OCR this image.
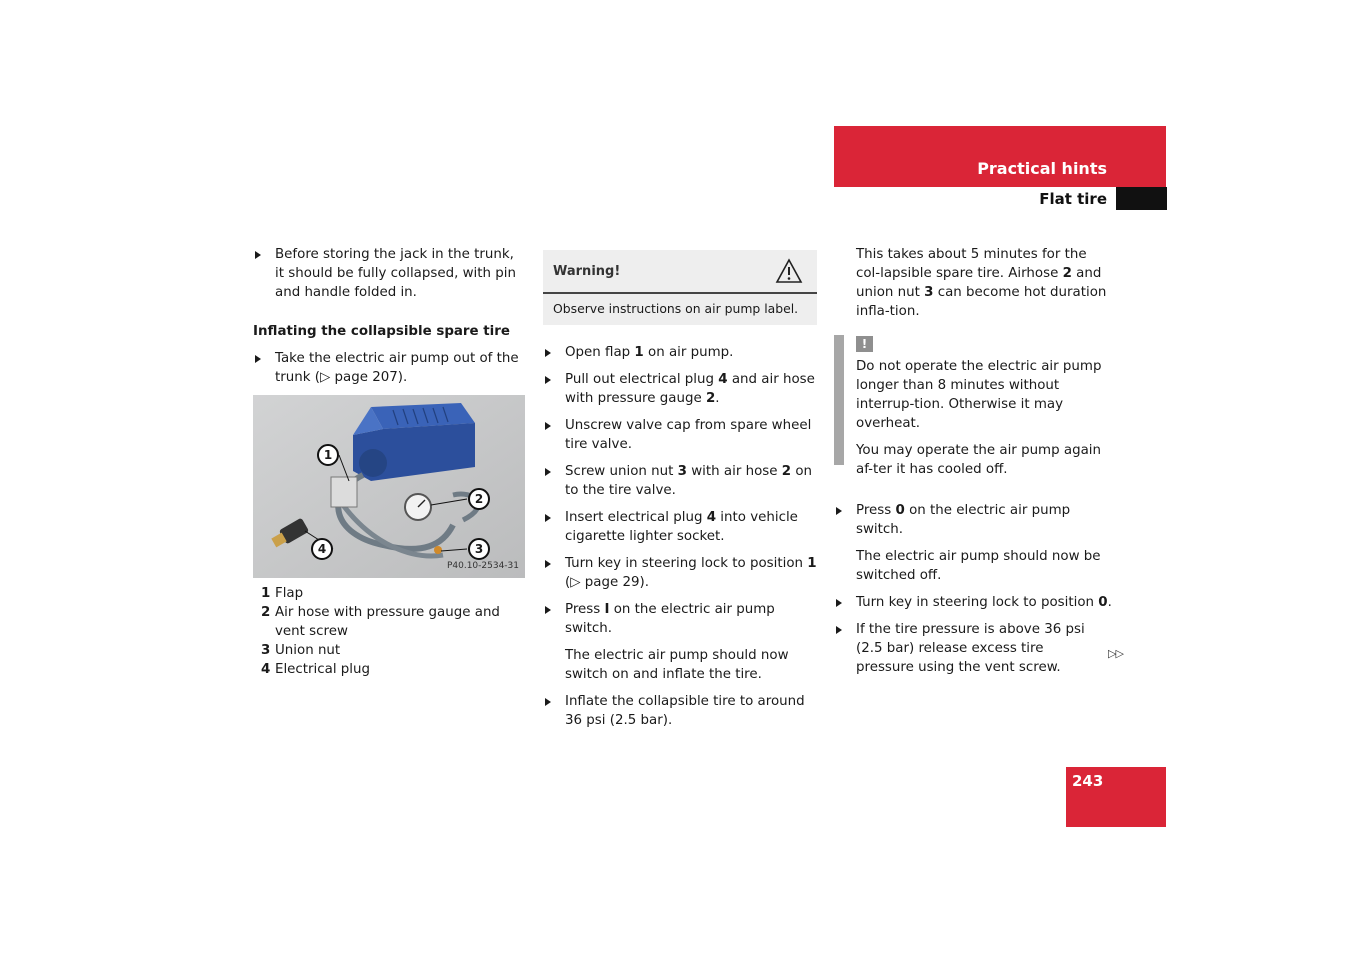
Practical hints
Flat tire
Before storing the jack in the trunk, it should be fully collapsed, with pin and handle folded in.
Inflating the collapsible spare tire
Take the electric air pump out of the trunk (▷ page 207).
1
2
3
4
P40.10-2534-31
1 Flap
2 Air hose with pressure gauge and vent screw
3 Union nut
4 Electrical plug
Warning!
Observe instructions on air pump label.
Open flap 1 on air pump.
Pull out electrical plug 4 and air hose with pressure gauge 2.
Unscrew valve cap from spare wheel tire valve.
Screw union nut 3 with air hose 2 on to the tire valve.
Insert electrical plug 4 into vehicle cigarette lighter socket.
Turn key in steering lock to position 1
(▷ page 29).
Press I on the electric air pump switch.
The electric air pump should now switch on and inflate the tire.
Inflate the collapsible tire to around 36 psi (2.5 bar).
This takes about 5 minutes for the col-lapsible spare tire. Airhose 2 and union nut 3 can become hot duration infla-tion.
!
Do not operate the electric air pump longer than 8 minutes without interrup-tion. Otherwise it may overheat.
You may operate the air pump again af-ter it has cooled off.
Press 0 on the electric air pump switch.
The electric air pump should now be switched off.
Turn key in steering lock to position 0.
If the tire pressure is above 36 psi (2.5 bar) release excess tire pressure using the vent screw.
▷▷
243
